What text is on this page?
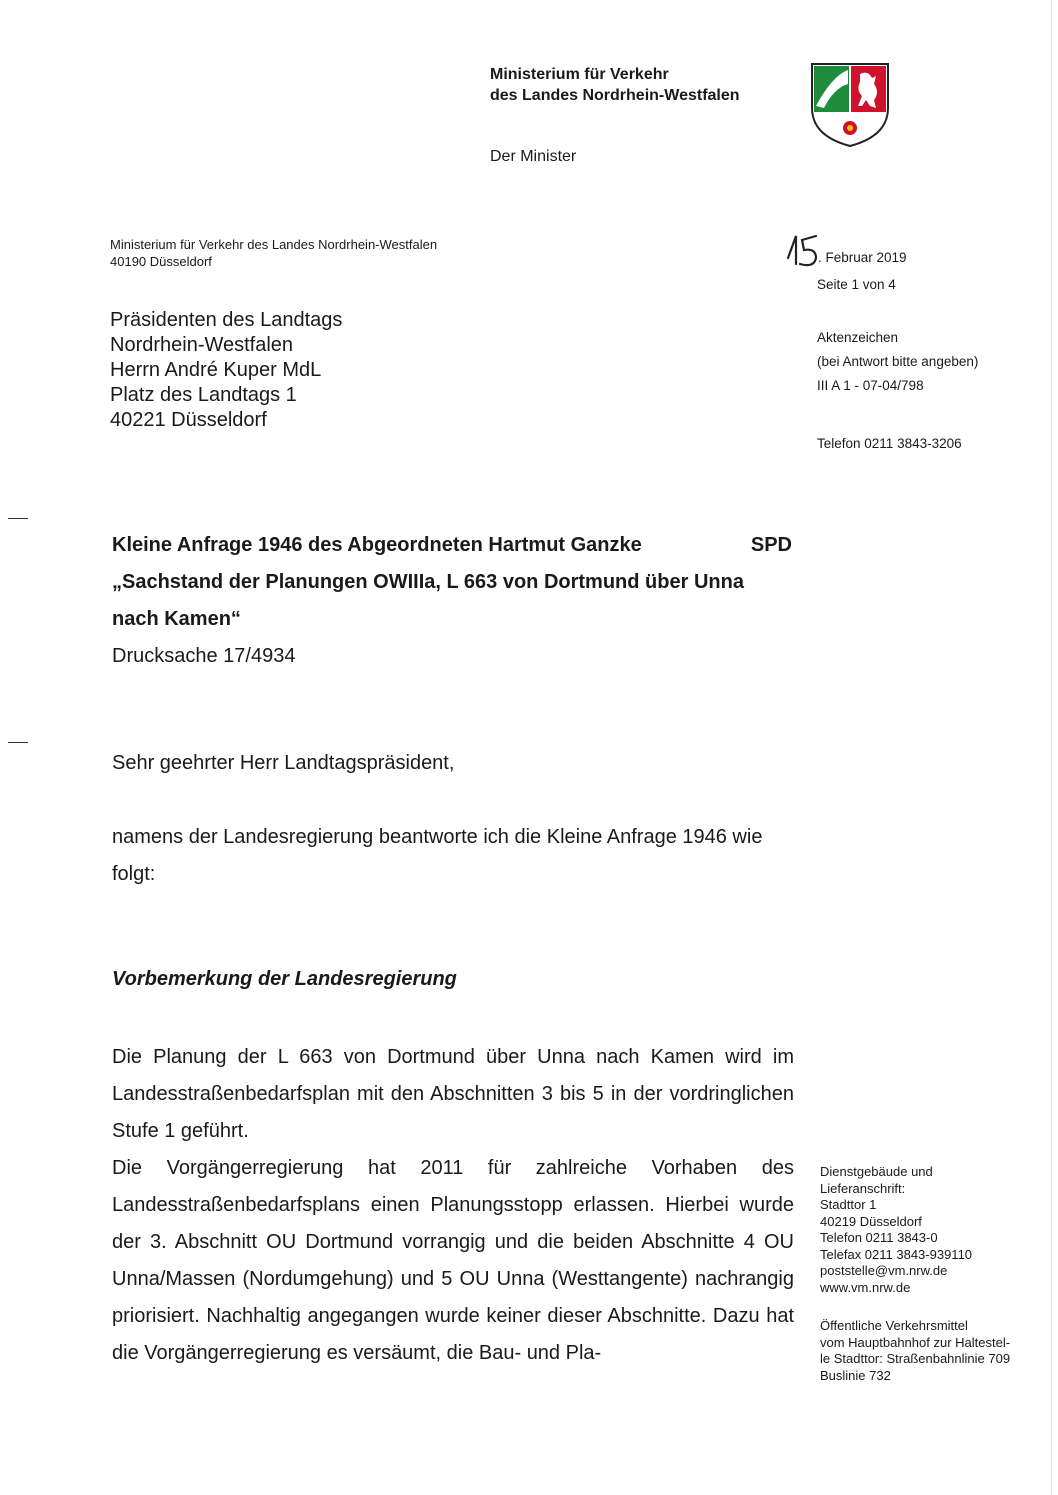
Ministerium für Verkehr
des Landes Nordrhein-Westfalen
Der Minister
Ministerium für Verkehr des Landes Nordrhein-Westfalen
40190 Düsseldorf
Präsidenten des Landtags
Nordrhein-Westfalen
Herrn André Kuper MdL
Platz des Landtags 1
40221 Düsseldorf
. Februar 2019
Seite 1 von 4
Aktenzeichen
(bei Antwort bitte angeben)
III A 1 - 07-04/798
Telefon 0211 3843-3206
Kleine Anfrage 1946 des Abgeordneten Hartmut Ganzke	SPD
„Sachstand der Planungen OWIIIa, L 663 von Dortmund über Unna
nach Kamen“
Drucksache 17/4934
Sehr geehrter Herr Landtagspräsident,
namens der Landesregierung beantworte ich die Kleine Anfrage 1946 wie folgt:
Vorbemerkung der Landesregierung
Die Planung der L 663 von Dortmund über Unna nach Kamen wird im Landesstraßenbedarfsplan mit den Abschnitten 3 bis 5 in der vordringlichen Stufe 1 geführt.
Die Vorgängerregierung hat 2011 für zahlreiche Vorhaben des Landesstraßenbedarfsplans einen Planungsstopp erlassen. Hierbei wurde der 3. Abschnitt OU Dortmund vorrangig und die beiden Abschnitte 4 OU Unna/Massen (Nordumgehung) und 5 OU Unna (Westtangente) nachrangig priorisiert. Nachhaltig angegangen wurde keiner dieser Abschnitte. Dazu hat die Vorgängerregierung es versäumt, die Bau- und Pla-
Dienstgebäude und
Lieferanschrift:
Stadttor 1
40219 Düsseldorf
Telefon 0211 3843-0
Telefax 0211 3843-939110
poststelle@vm.nrw.de
www.vm.nrw.de
Öffentliche Verkehrsmittel
vom Hauptbahnhof zur Haltestel-
le Stadttor: Straßenbahnlinie 709
Buslinie 732
